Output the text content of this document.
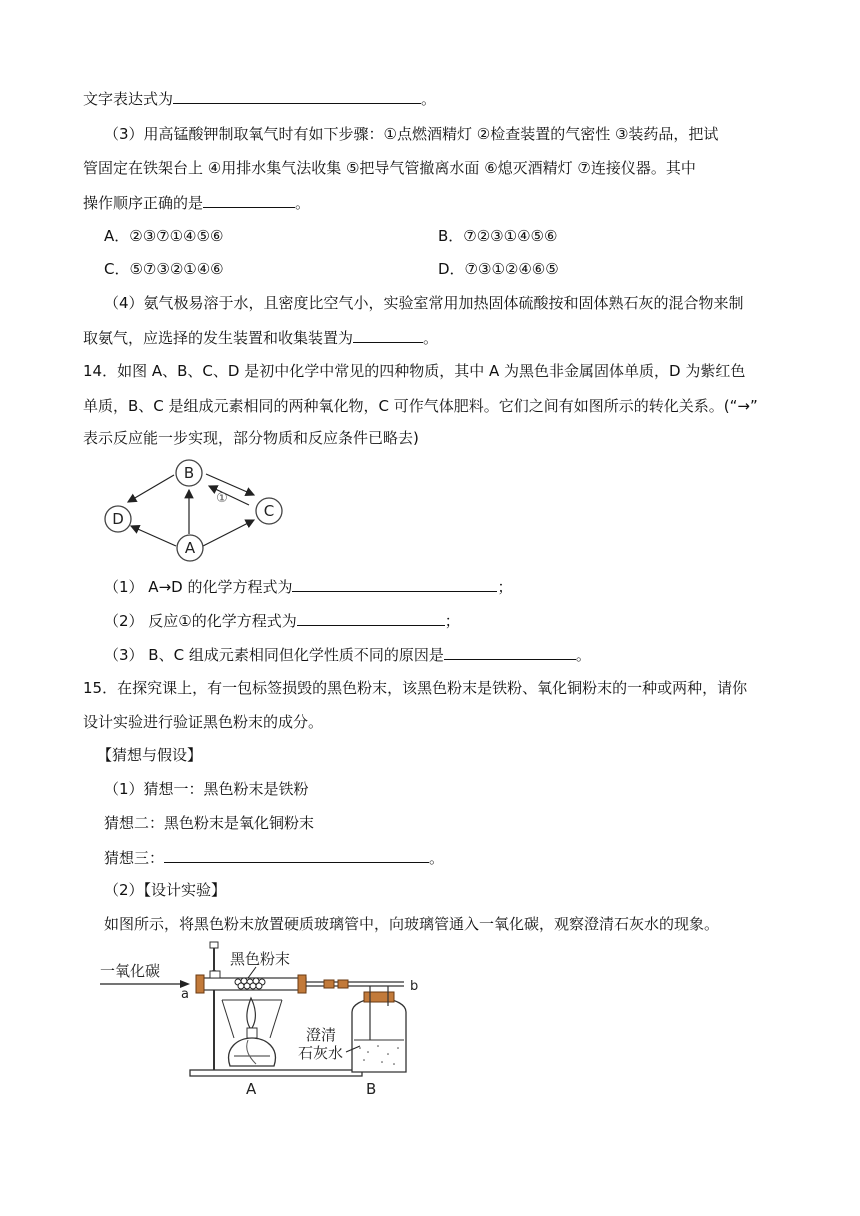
文字表达式为	。
（3）用高锰酸钾制取氧气时有如下步骤：①点燃酒精灯 ②检查装置的气密性 ③装药品，把试
管固定在铁架台上 ④用排水集气法收集 ⑤把导气管撤离水面 ⑥熄灭酒精灯 ⑦连接仪器。其中
操作顺序正确的是	。
A．②③⑦①④⑤⑥	B．⑦②③①④⑤⑥
C．⑤⑦③②①④⑥	D．⑦③①②④⑥⑤
（4）氨气极易溶于水，且密度比空气小，实验室常用加热固体硫酸按和固体熟石灰的混合物来制
取氨气，应选择的发生装置和收集装置为	。
14．如图 A、B、C、D 是初中化学中常见的四种物质，其中 A 为黑色非金属固体单质，D 为紫红色
单质，B、C 是组成元素相同的两种氧化物，C 可作气体肥料。它们之间有如图所示的转化关系。(“→”
表示反应能一步实现，部分物质和反应条件已略去)
B
D	C
A
①
（1） A→D 的化学方程式为	；
（2） 反应①的化学方程式为	；
（3） B、C 组成元素相同但化学性质不同的原因是	。
15．在探究课上，有一包标签损毁的黑色粉末，该黑色粉末是铁粉、氧化铜粉末的一种或两种，请你
设计实验进行验证黑色粉末的成分。
【猜想与假设】
（1）猜想一：黑色粉末是铁粉
猜想二：黑色粉末是氧化铜粉末
猜想三：	。
（2）【设计实验】
如图所示，将黑色粉末放置硬质玻璃管中，向玻璃管通入一氧化碳，观察澄清石灰水的现象。
一氧化碳
a
黑色粉末
b
澄清
石灰水
A	B
